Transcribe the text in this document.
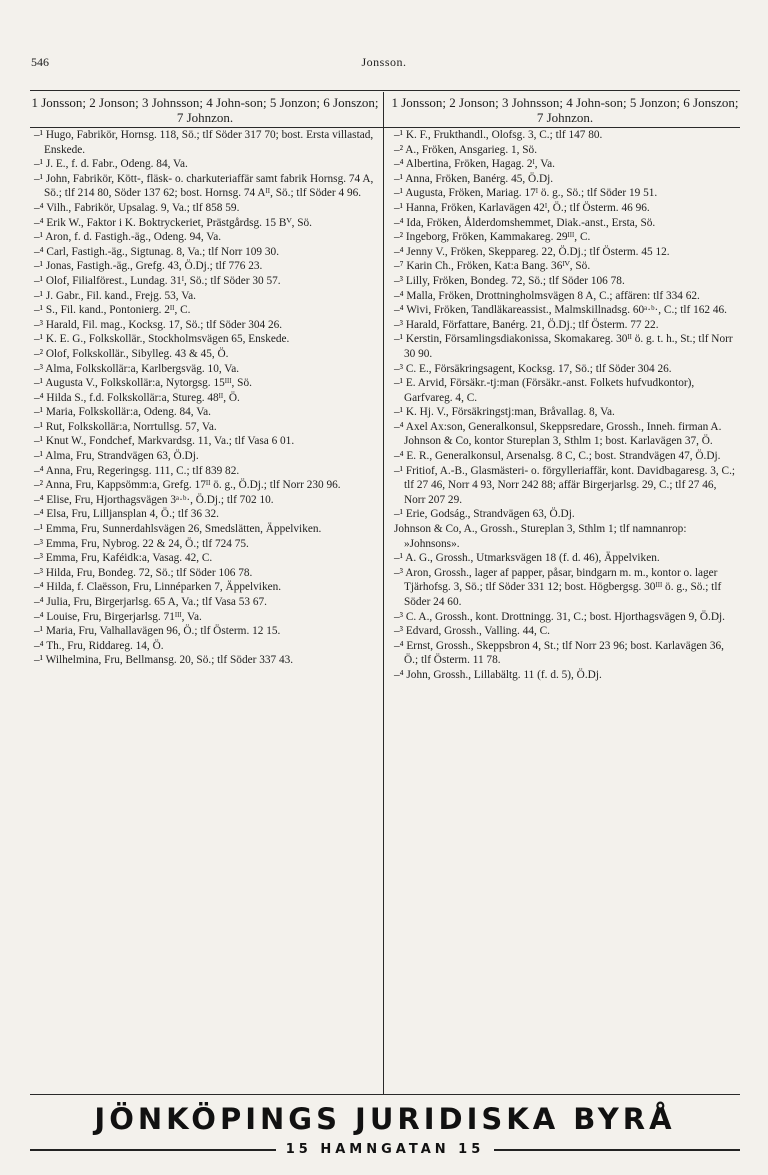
546	Jonsson.
1 Jonsson; 2 Jonson; 3 Johnsson; 4 John-son; 5 Jonzon; 6 Jonszon; 7 Johnzon.
–¹ Hugo, Fabrikör, Hornsg. 118, Sö.; tlf Söder 317 70; bost. Ersta villastad, Enskede.
–¹ J. E., f. d. Fabr., Odeng. 84, Va.
–¹ John, Fabrikör, Kött-, fläsk- o. charkuteriaffär samt fabrik Hornsg. 74 A, Sö.; tlf 214 80, Söder 137 62; bost. Hornsg. 74 Aᴵᴵ, Sö.; tlf Söder 4 96.
–⁴ Vilh., Fabrikör, Upsalag. 9, Va.; tlf 858 59.
–⁴ Erik W., Faktor i K. Boktryckeriet, Prästgårdsg. 15 Bⱽ, Sö.
–¹ Aron, f. d. Fastigh.-äg., Odeng. 94, Va.
–⁴ Carl, Fastigh.-äg., Sigtunag. 8, Va.; tlf Norr 109 30.
–¹ Jonas, Fastigh.-äg., Grefg. 43, Ö.Dj.; tlf 776 23.
–¹ Olof, Filialförest., Lundag. 31ᴵ, Sö.; tlf Söder 30 57.
–¹ J. Gabr., Fil. kand., Frejg. 53, Va.
–¹ S., Fil. kand., Pontonierg. 2ᴵᴵ, C.
–³ Harald, Fil. mag., Kocksg. 17, Sö.; tlf Söder 304 26.
–¹ K. E. G., Folkskollär., Stockholmsvägen 65, Enskede.
–² Olof, Folkskollär., Sibylleg. 43 & 45, Ö.
–³ Alma, Folkskollär:a, Karlbergsväg. 10, Va.
–¹ Augusta V., Folkskollär:a, Nytorgsg. 15ᴵᴵᴵ, Sö.
–⁴ Hilda S., f.d. Folkskollär:a, Stureg. 48ᴵᴵ, Ö.
–¹ Maria, Folkskollär:a, Odeng. 84, Va.
–¹ Rut, Folkskollär:a, Norrtullsg. 57, Va.
–¹ Knut W., Fondchef, Markvardsg. 11, Va.; tlf Vasa 6 01.
–¹ Alma, Fru, Strandvägen 63, Ö.Dj.
–⁴ Anna, Fru, Regeringsg. 111, C.; tlf 839 82.
–² Anna, Fru, Kappsömm:a, Grefg. 17ᴵᴵ ö. g., Ö.Dj.; tlf Norr 230 96.
–⁴ Elise, Fru, Hjorthagsvägen 3ᵃ·ᵇ·, Ö.Dj.; tlf 702 10.
–⁴ Elsa, Fru, Lilljansplan 4, Ö.; tlf 36 32.
–¹ Emma, Fru, Sunnerdahlsvägen 26, Smedslätten, Äppelviken.
–³ Emma, Fru, Nybrog. 22 & 24, Ö.; tlf 724 75.
–³ Emma, Fru, Kaféidk:a, Vasag. 42, C.
–³ Hilda, Fru, Bondeg. 72, Sö.; tlf Söder 106 78.
–⁴ Hilda, f. Claësson, Fru, Linnéparken 7, Äppelviken.
–⁴ Julia, Fru, Birgerjarlsg. 65 A, Va.; tlf Vasa 53 67.
–⁴ Louise, Fru, Birgerjarlsg. 71ᴵᴵᴵ, Va.
–¹ Maria, Fru, Valhallavägen 96, Ö.; tlf Österm. 12 15.
–⁴ Th., Fru, Riddareg. 14, Ö.
–¹ Wilhelmina, Fru, Bellmansg. 20, Sö.; tlf Söder 337 43.
1 Jonsson; 2 Jonson; 3 Johnsson; 4 John-son; 5 Jonzon; 6 Jonszon; 7 Johnzon.
–¹ K. F., Frukthandl., Olofsg. 3, C.; tlf 147 80.
–² A., Fröken, Ansgarieg. 1, Sö.
–⁴ Albertina, Fröken, Hagag. 2ᴵ, Va.
–¹ Anna, Fröken, Banérg. 45, Ö.Dj.
–¹ Augusta, Fröken, Mariag. 17ᴵ ö. g., Sö.; tlf Söder 19 51.
–¹ Hanna, Fröken, Karlavägen 42ᴵ, Ö.; tlf Österm. 46 96.
–⁴ Ida, Fröken, Ålderdomshemmet, Diak.-anst., Ersta, Sö.
–² Ingeborg, Fröken, Kammakareg. 29ᴵᴵᴵ, C.
–⁴ Jenny V., Fröken, Skeppareg. 22, Ö.Dj.; tlf Österm. 45 12.
–⁷ Karin Ch., Fröken, Kat:a Bang. 36ᴵⱽ, Sö.
–³ Lilly, Fröken, Bondeg. 72, Sö.; tlf Söder 106 78.
–⁴ Malla, Fröken, Drottningholmsvägen 8 A, C.; affären: tlf 334 62.
–⁴ Wivi, Fröken, Tandläkareassist., Malmskillnadsg. 60ᵃ·ᵇ·, C.; tlf 162 46.
–³ Harald, Författare, Banérg. 21, Ö.Dj.; tlf Österm. 77 22.
–¹ Kerstin, Församlingsdiakonissa, Skomakareg. 30ᴵᴵ ö. g. t. h., St.; tlf Norr 30 90.
–³ C. E., Försäkringsagent, Kocksg. 17, Sö.; tlf Söder 304 26.
–¹ E. Arvid, Försäkr.-tj:man (Försäkr.-anst. Folkets hufvudkontor), Garfvareg. 4, C.
–¹ K. Hj. V., Försäkringstj:man, Bråvallag. 8, Va.
–⁴ Axel Ax:son, Generalkonsul, Skeppsredare, Grossh., Inneh. firman A. Johnson & Co, kontor Stureplan 3, Sthlm 1; bost. Karlavägen 37, Ö.
–⁴ E. R., Generalkonsul, Arsenalsg. 8 C, C.; bost. Strandvägen 47, Ö.Dj.
–¹ Fritiof, A.-B., Glasmästeri- o. förgylleriaffär, kont. Davidbagaresg. 3, C.; tlf 27 46, Norr 4 93, Norr 242 88; affär Birgerjarlsg. 29, C.; tlf 27 46, Norr 207 29.
–¹ Erie, Godság., Strandvägen 63, Ö.Dj.
Johnson & Co, A., Grossh., Stureplan 3, Sthlm 1; tlf namnanrop: »Johnsons».
–¹ A. G., Grossh., Utmarksvägen 18 (f. d. 46), Äppelviken.
–³ Aron, Grossh., lager af papper, påsar, bindgarn m. m., kontor o. lager Tjärhofsg. 3, Sö.; tlf Söder 331 12; bost. Högbergsg. 30ᴵᴵᴵ ö. g., Sö.; tlf Söder 24 60.
–³ C. A., Grossh., kont. Drottningg. 31, C.; bost. Hjorthagsvägen 9, Ö.Dj.
–³ Edvard, Grossh., Valling. 44, C.
–⁴ Ernst, Grossh., Skeppsbron 4, St.; tlf Norr 23 96; bost. Karlavägen 36, Ö.; tlf Österm. 11 78.
–⁴ John, Grossh., Lillabältg. 11 (f. d. 5), Ö.Dj.
JÖNKÖPINGS JURIDISKA BYRÅ
15 HAMNGATAN 15
